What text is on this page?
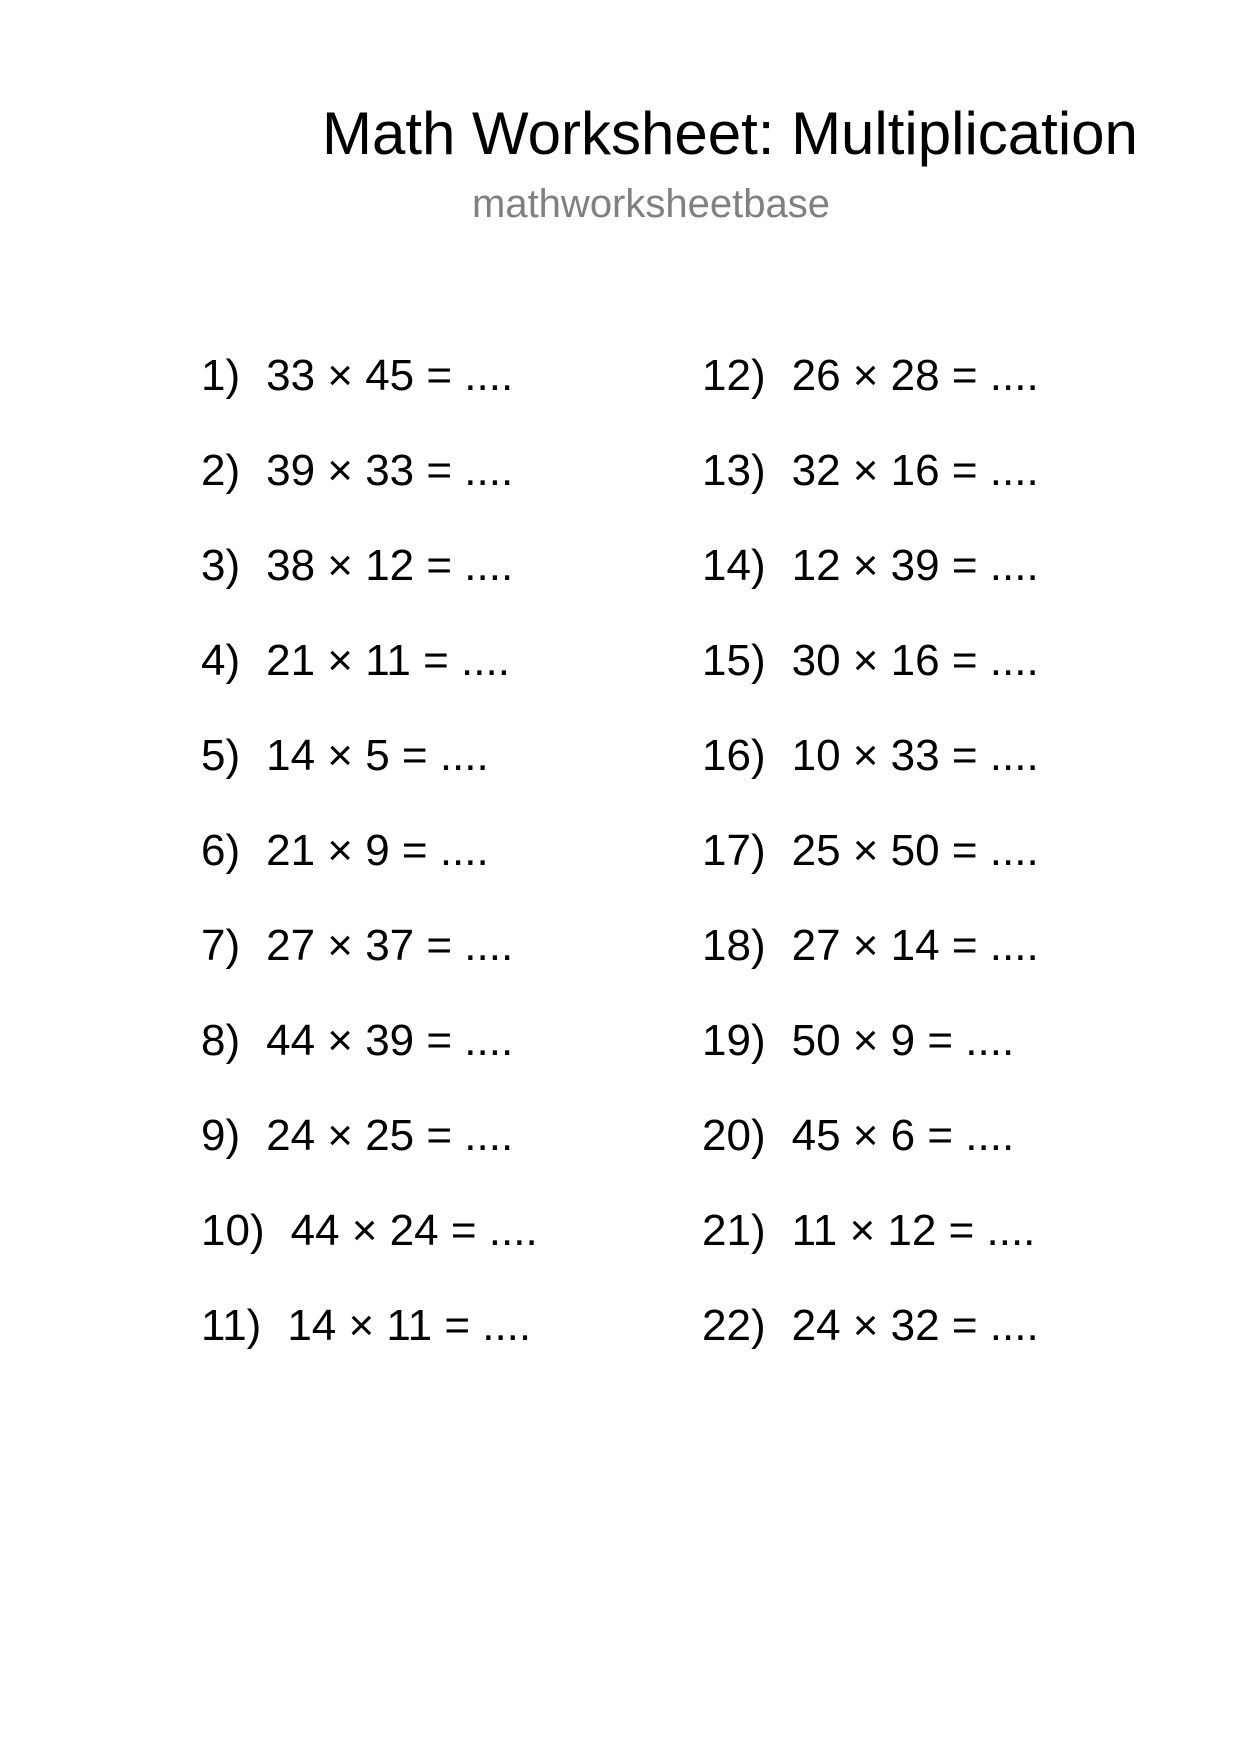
Math Worksheet: Multiplication
mathworksheetbase
1) 33 × 45 = ....
2) 39 × 33 = ....
3) 38 × 12 = ....
4) 21 × 11 = ....
5) 14 × 5 = ....
6) 21 × 9 = ....
7) 27 × 37 = ....
8) 44 × 39 = ....
9) 24 × 25 = ....
10) 44 × 24 = ....
11) 14 × 11 = ....
12) 26 × 28 = ....
13) 32 × 16 = ....
14) 12 × 39 = ....
15) 30 × 16 = ....
16) 10 × 33 = ....
17) 25 × 50 = ....
18) 27 × 14 = ....
19) 50 × 9 = ....
20) 45 × 6 = ....
21) 11 × 12 = ....
22) 24 × 32 = ....
